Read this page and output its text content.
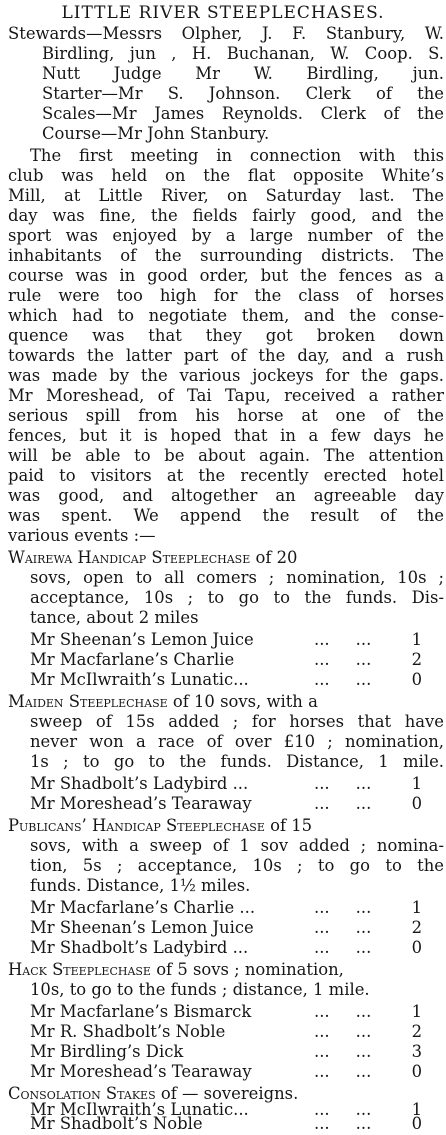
LITTLE RIVER STEEPLECHASES.
Stewards—Messrs Olpher, J. F. Stanbury, W.
Birdling, jun , H. Buchanan, W. Coop. S.
Nutt Judge Mr W. Birdling, jun.
Starter—Mr S. Johnson. Clerk of the
Scales—Mr James Reynolds. Clerk of the
Course—Mr John Stanbury.
The first meeting in connection with this
club was held on the flat opposite White’s
Mill, at Little River, on Saturday last. The
day was fine, the fields fairly good, and the
sport was enjoyed by a large number of the
inhabitants of the surrounding districts. The
course was in good order, but the fences as a
rule were too high for the class of horses
which had to negotiate them, and the conse-
quence was that they got broken down
towards the latter part of the day, and a rush
was made by the various jockeys for the gaps.
Mr Moreshead, of Tai Tapu, received a rather
serious spill from his horse at one of the
fences, but it is hoped that in a few days he
will be able to be about again. The attention
paid to visitors at the recently erected hotel
was good, and altogether an agreeable day
was spent. We append the result of the
various events :—
Wairewa Handicap Steeplechase of 20
sovs, open to all comers ; nomination, 10s ;
acceptance, 10s ; to go to the funds. Dis-
tance, about 2 miles
Mr Sheenan’s Lemon Juice	...     ...	1
Mr Macfarlane’s Charlie	...     ...	2
Mr McIlwraith’s Lunatic...	...     ...	0
Maiden Steeplechase of 10 sovs, with a
sweep of 15s added ; for horses that have
never won a race of over £10 ; nomination,
1s ; to go to the funds. Distance, 1 mile.
Mr Shadbolt’s Ladybird ...	...     ...	1
Mr Moreshead’s Tearaway	...     ...	0
Publicans’ Handicap Steeplechase of 15
sovs, with a sweep of 1 sov added ; nomina-
tion, 5s ; acceptance, 10s ; to go to the
funds. Distance, 1½ miles.
Mr Macfarlane’s Charlie ...	...     ...	1
Mr Sheenan’s Lemon Juice	...     ...	2
Mr Shadbolt’s Ladybird ...	...     ...	0
Hack Steeplechase of 5 sovs ; nomination,
10s, to go to the funds ; distance, 1 mile.
Mr Macfarlane’s Bismarck	...     ...	1
Mr R. Shadbolt’s Noble	...     ...	2
Mr Birdling’s Dick	...     ...	3
Mr Moreshead’s Tearaway	...     ...	0
Consolation Stakes of — sovereigns.
Mr McIlwraith’s Lunatic...	...     ...	1
Mr Shadbolt’s Noble	...     ...	0
